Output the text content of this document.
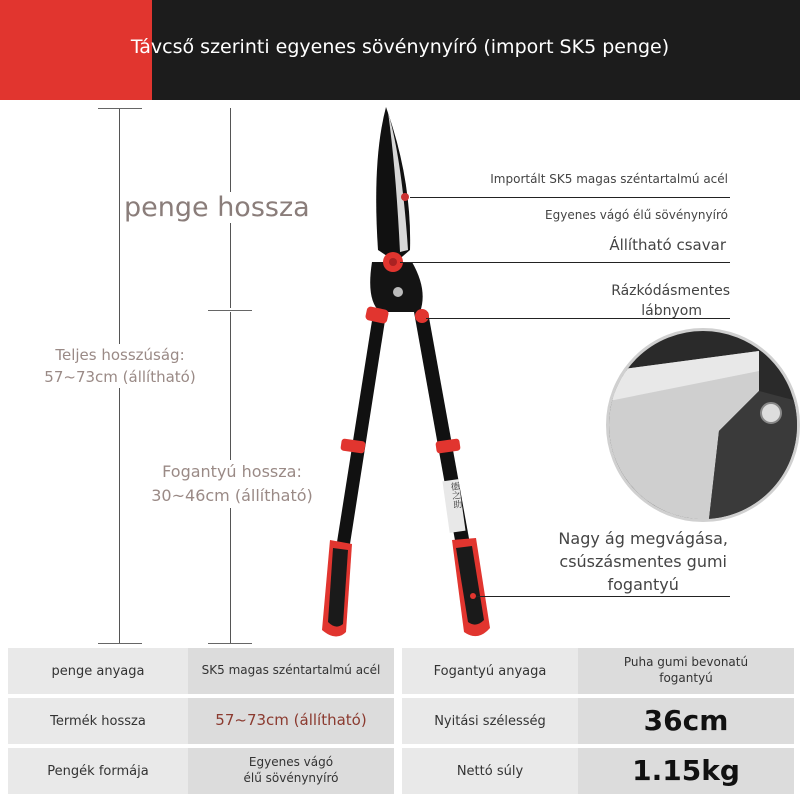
Távcső szerinti egyenes sövénynyíró (import SK5 penge)
penge hossza
Teljes hosszúság:
57~73cm (állítható)
Fogantyú hossza:
30~46cm (állítható)	德之助
Importált SK5 magas széntartalmú acél
Egyenes vágó élű sövénynyíró
Állítható csavar
Rázkódásmentes
lábnyom
Nagy ág megvágása,
csúszásmentes gumi
fogantyú
penge anyaga	SK5 magas széntartalmú acél	Fogantyú anyaga
Puha gumi bevonatú
fogantyú
Termék hossza	57~73cm (állítható)	Nyitási szélesség	36cm
Pengék formája
Egyenes vágó
élű sövénynyíró	Nettó súly	1.15kg
